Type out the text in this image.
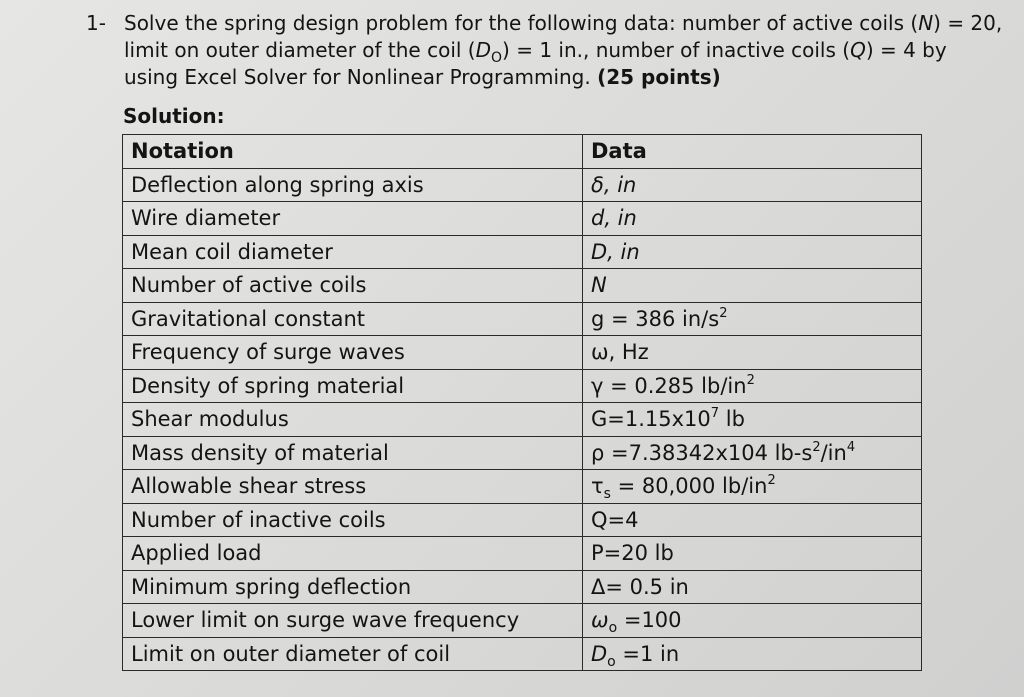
1- Solve the spring design problem for the following data: number of active coils (N) = 20, limit on outer diameter of the coil $(D_O) = 1$ in., number of inactive coils (Q) = 4 by using Excel Solver for Nonlinear Programming. (25 points)
Solution:
Notation	Data
Deflection along spring axis	δ, in
Wire diameter	d, in
Mean coil diameter	D, in
Number of active coils	N
Gravitational constant	g = 386 $in/s^2$
Frequency of surge waves	ω, Hz
Density of spring material	γ = 0.285 $lb/in^2$
Shear modulus	$G=1.15x10^7$ lb
Mass density of material	ρ =7.38342x104 $lb-s^2/in^4$
Allowable shear stress	$\tau_s = 80,000$ $lb/in^2$
Number of inactive coils	Q=4
Applied load	P=20 lb
Minimum spring deflection	Δ= 0.5 in
Lower limit on surge wave frequency	$\omega_o =100$
Limit on outer diameter of coil	$D_o =1$ in
